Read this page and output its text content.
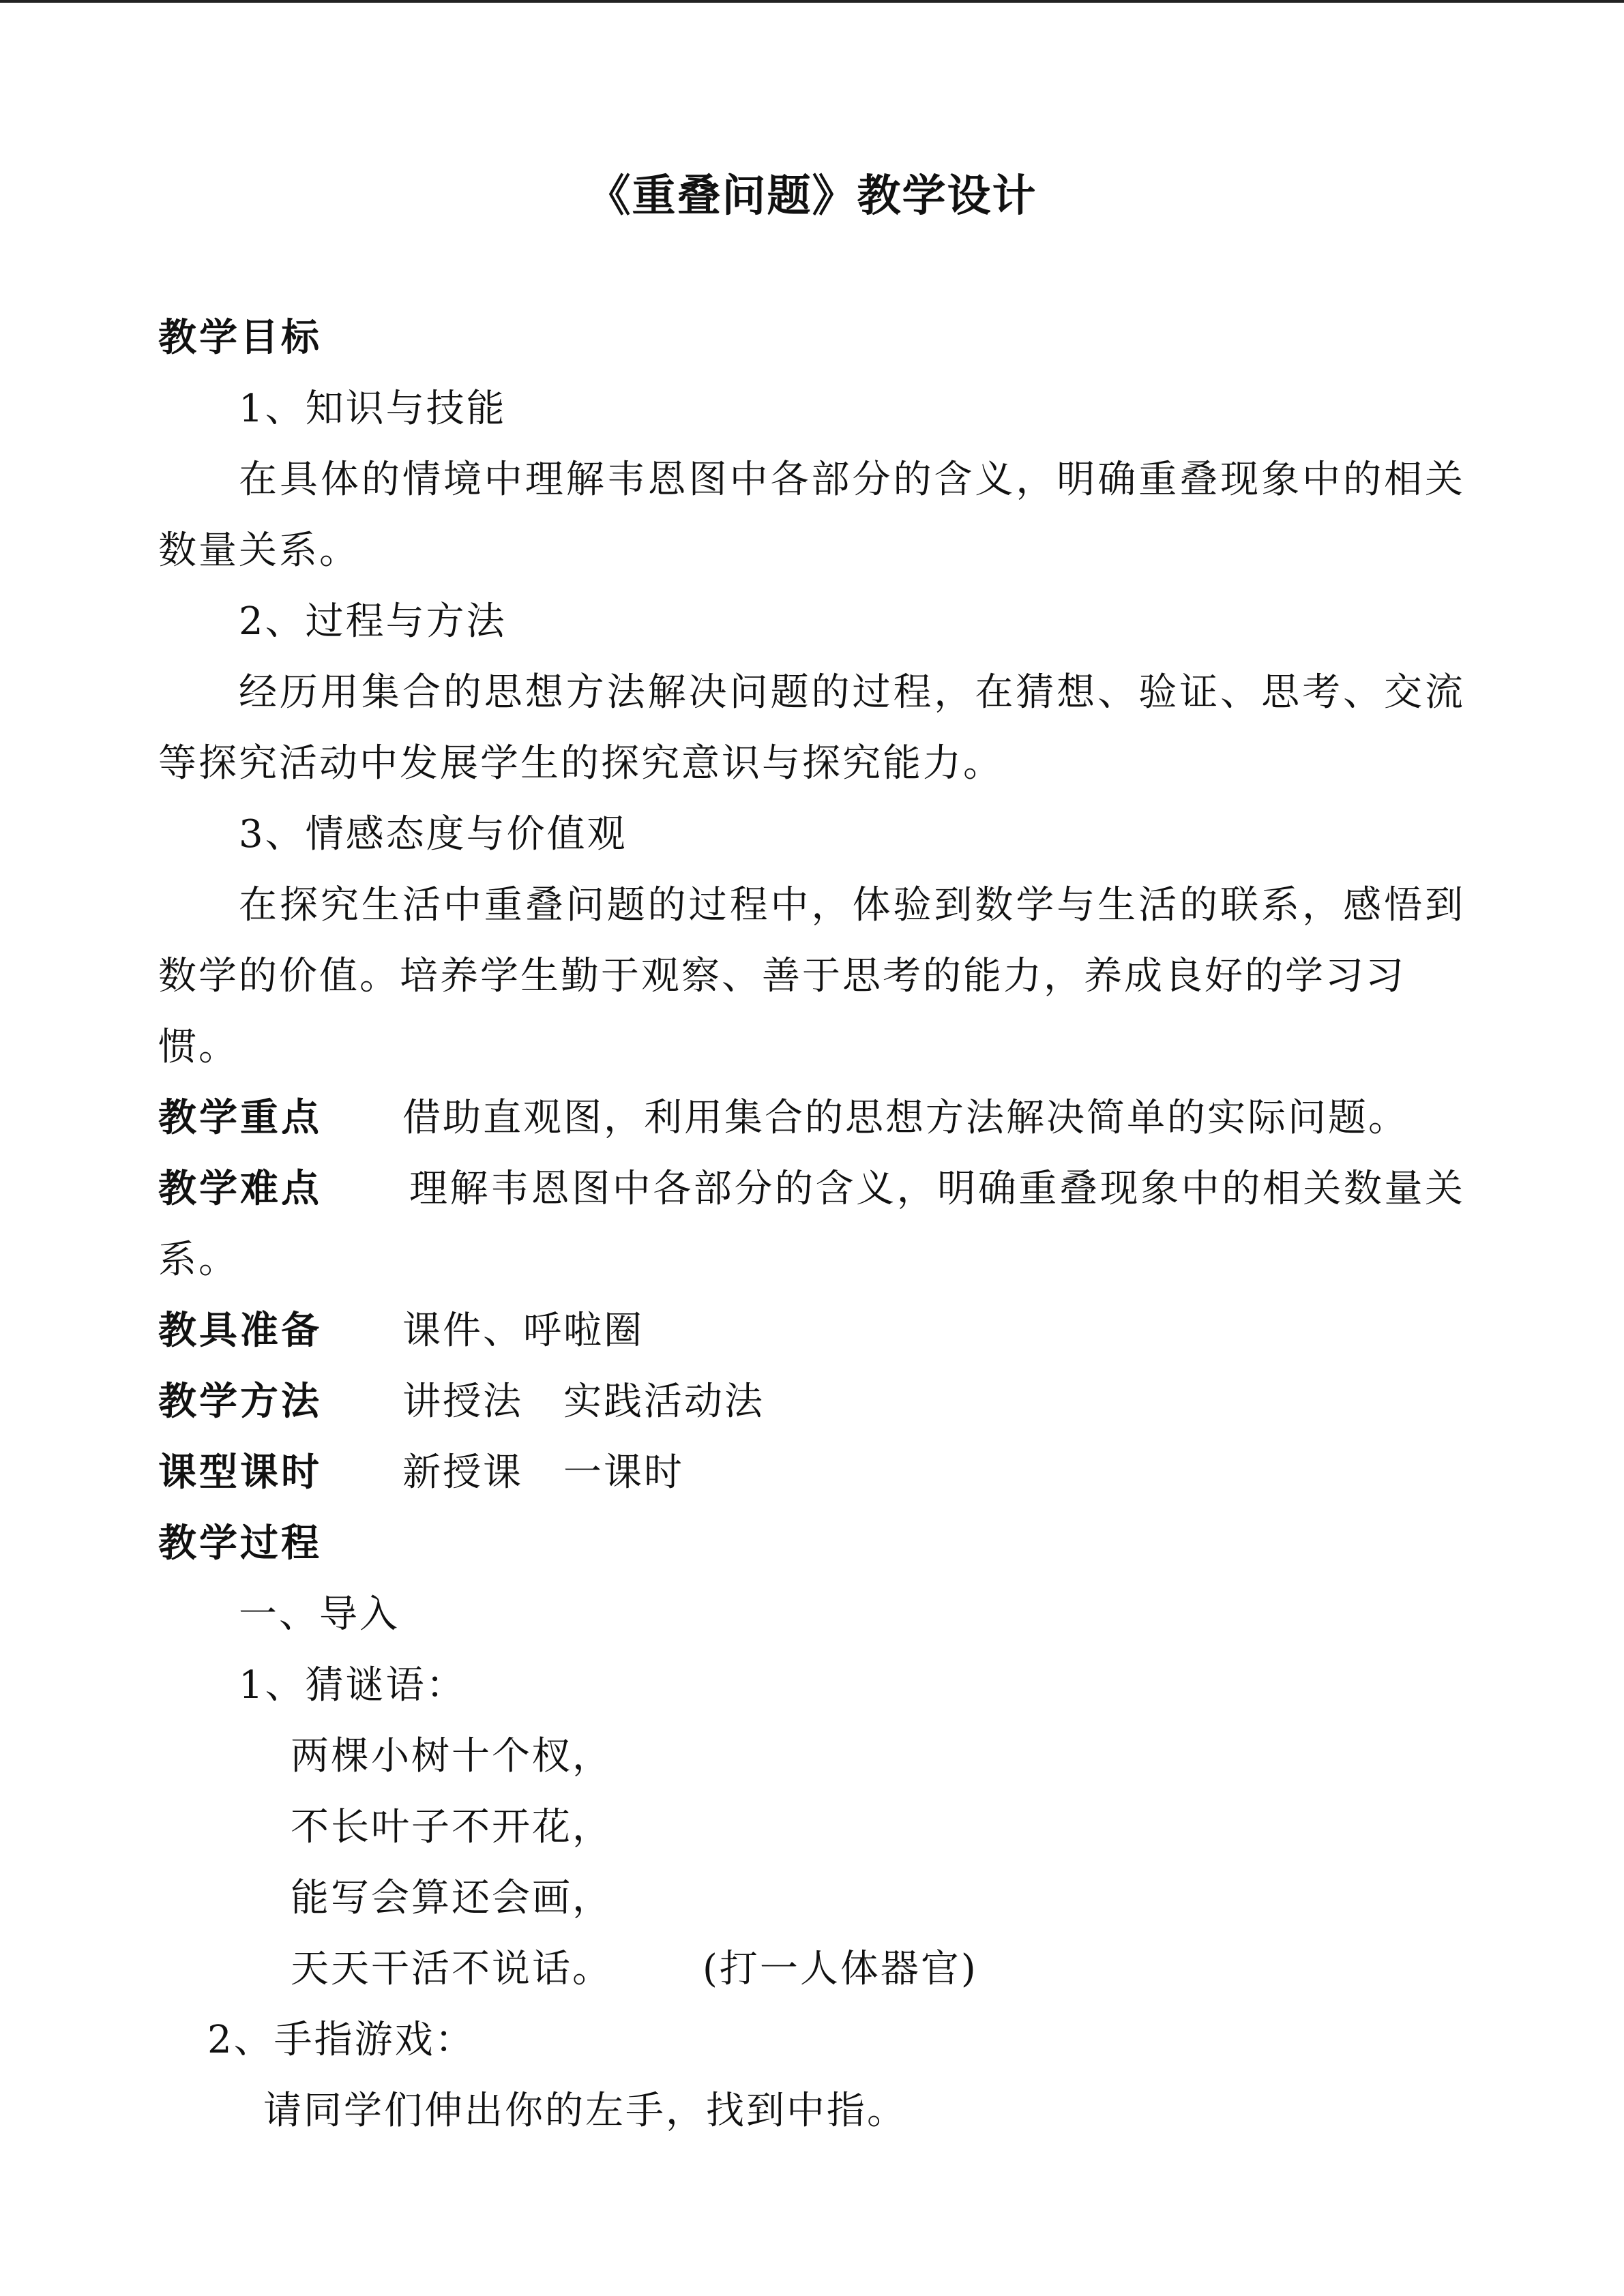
《重叠问题》教学设计
教学目标
1、知识与技能
在具体的情境中理解韦恩图中各部分的含义，明确重叠现象中的相关
数量关系。
2、过程与方法
经历用集合的思想方法解决问题的过程，在猜想、验证、思考、交流
等探究活动中发展学生的探究意识与探究能力。
3、情感态度与价值观
在探究生活中重叠问题的过程中，体验到数学与生活的联系，感悟到
数学的价值。培养学生勤于观察、善于思考的能力，养成良好的学习习
惯。
教学重点 借助直观图，利用集合的思想方法解决简单的实际问题。
教学难点 理解韦恩图中各部分的含义，明确重叠现象中的相关数量关
系。
教具准备 课件、呼啦圈
教学方法 讲授法　实践活动法
课型课时 新授课　一课时
教学过程
一、导入
1、猜谜语：
两棵小树十个杈，
不长叶子不开花，
能写会算还会画，
天天干活不说话。 (打一人体器官)
2、手指游戏：
请同学们伸出你的左手，找到中指。
